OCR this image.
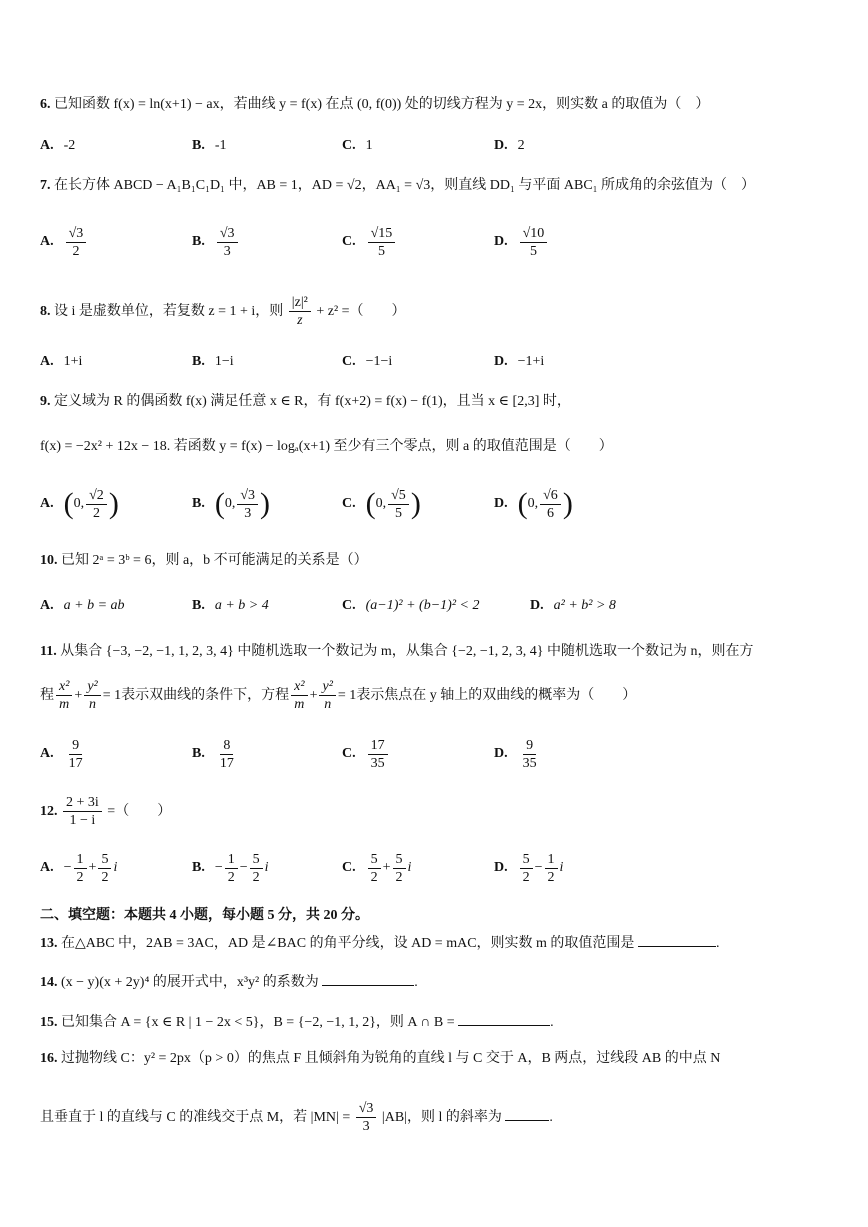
6. 已知函数 f(x) = ln(x+1) − ax，若曲线 y = f(x) 在点 (0, f(0)) 处的切线方程为 y = 2x，则实数 a 的取值为（　）
A. -2	B. -1	C. 1	D. 2
7. 在长方体 ABCD − A₁B₁C₁D₁ 中，AB = 1，AD = √2，AA₁ = √3，则直线 DD₁ 与平面 ABC₁ 所成角的余弦值为（　）
A. $\frac{√3}{2}$	B. $\frac{√3}{3}$	C. $\frac{√15}{5}$	D. $\frac{√10}{5}$
8. 设 i 是虚数单位，若复数 z = 1 + i，则 $\frac{\text{|z|²}}{z} + z^2$ =（　　）
A. 1+i	B. 1−i	C. −1−i	D. −1+i
9. 定义域为 R 的偶函数 f(x) 满足任意 x ∈ R，有 f(x+2) = f(x) − f(1)，且当 x ∈ [2,3] 时，
f(x) = −2x² + 12x − 18. 若函数 y = f(x) − logₐ(x+1) 至少有三个零点，则 a 的取值范围是（　　）
A. ( 0, $\frac{√2}{2}$ )	B. ( 0, $\frac{√3}{3}$ )	C. ( 0, $\frac{√5}{5}$ )	D. ( 0, $\frac{√6}{6}$ )
10. 已知 2ᵃ = 3ᵇ = 6，则 a，b 不可能满足的关系是（）
A. a + b = ab	B. a + b > 4	C. (a−1)² + (b−1)² < 2	D. a² + b² > 8
11. 从集合 {−3, −2, −1, 1, 2, 3, 4} 中随机选取一个数记为 m，从集合 {−2, −1, 2, 3, 4} 中随机选取一个数记为 n，则在方
程 $\frac{\text{x²}}{m} + \frac{\text{y²}}{n} = 1$表示双曲线的条件下，方程 $\frac{\text{x²}}{m} + \frac{\text{y²}}{n} = 1$表示焦点在 y 轴上的双曲线的概率为（　　）
A. $\frac{9}{17}$	B. $\frac{8}{17}$	C. $\frac{17}{35}$	D. $\frac{9}{35}$
12. $\frac{2 + 3i}{1 - i}$ =（　　）
A. − $\frac{1}{2} + \frac{5}{2}$ i	B. − $\frac{1}{2} - \frac{5}{2}$ i	C. $\frac{5}{2} + \frac{5}{2}$ i	D. $\frac{5}{2} - \frac{1}{2}$ i
二、填空题：本题共 4 小题，每小题 5 分，共 20 分。
13. 在△ABC 中，2AB = 3AC，AD 是∠BAC 的角平分线，设 AD = mAC，则实数 m 的取值范围是	.
14. (x − y)(x + 2y)⁴ 的展开式中，x³y² 的系数为	.
15. 已知集合 A = {x ∈ R | 1 − 2x < 5}，B = {−2, −1, 1, 2}，则 A ∩ B =	.
16. 过抛物线 C：y² = 2px（p > 0）的焦点 F 且倾斜角为锐角的直线 l 与 C 交于 A，B 两点，过线段 AB 的中点 N
且垂直于 l 的直线与 C 的准线交于点 M，若 $|MN| = \frac{√3}{3} |AB|$，则 l 的斜率为	.
